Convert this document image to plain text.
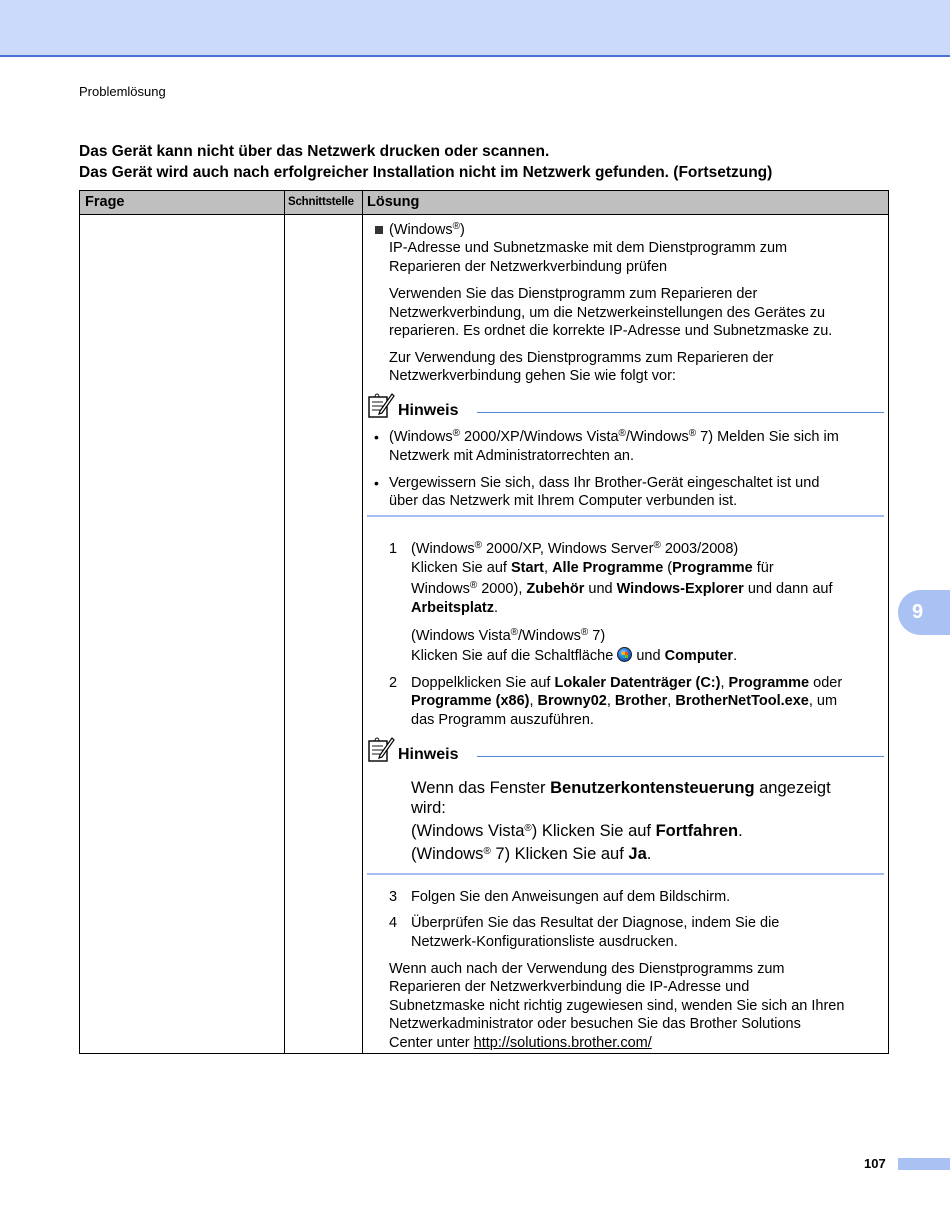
Problemlösung
Das Gerät kann nicht über das Netzwerk drucken oder scannen.
Das Gerät wird auch nach erfolgreicher Installation nicht im Netzwerk gefunden. (Fortsetzung)
Frage	Schnittstelle Lösung
(Windows®)
IP-Adresse und Subnetzmaske mit dem Dienstprogramm zum
Reparieren der Netzwerkverbindung prüfen
Verwenden Sie das Dienstprogramm zum Reparieren der
Netzwerkverbindung, um die Netzwerkeinstellungen des Gerätes zu
reparieren. Es ordnet die korrekte IP-Adresse und Subnetzmaske zu.
Zur Verwendung des Dienstprogramms zum Reparieren der
Netzwerkverbindung gehen Sie wie folgt vor:
Hinweis
• (Windows® 2000/XP/Windows Vista®/Windows® 7) Melden Sie sich im
Netzwerk mit Administratorrechten an.
• Vergewissern Sie sich, dass Ihr Brother-Gerät eingeschaltet ist und
über das Netzwerk mit Ihrem Computer verbunden ist.
1 (Windows® 2000/XP, Windows Server® 2003/2008)
Klicken Sie auf Start, Alle Programme (Programme für
Windows® 2000), Zubehör und Windows-Explorer und dann auf
Arbeitsplatz.
(Windows Vista®/Windows® 7)
Klicken Sie auf die Schaltfläche  und Computer.
2 Doppelklicken Sie auf Lokaler Datenträger (C:), Programme oder
Programme (x86), Browny02, Brother, BrotherNetTool.exe, um
das Programm auszuführen.
Hinweis
Wenn das Fenster Benutzerkontensteuerung angezeigt
wird:
(Windows Vista®) Klicken Sie auf Fortfahren.
(Windows® 7) Klicken Sie auf Ja.
3 Folgen Sie den Anweisungen auf dem Bildschirm.
4 Überprüfen Sie das Resultat der Diagnose, indem Sie die
Netzwerk-Konfigurationsliste ausdrucken.
Wenn auch nach der Verwendung des Dienstprogramms zum
Reparieren der Netzwerkverbindung die IP-Adresse und
Subnetzmaske nicht richtig zugewiesen sind, wenden Sie sich an Ihren
Netzwerkadministrator oder besuchen Sie das Brother Solutions
Center unter http://solutions.brother.com/
9
107
